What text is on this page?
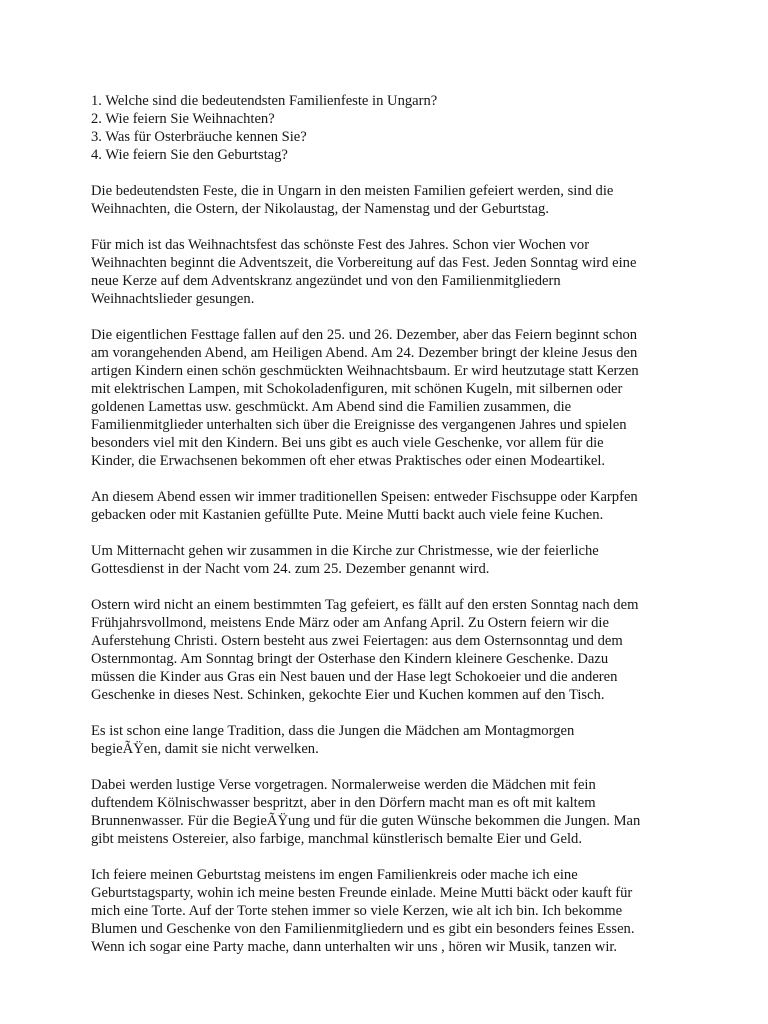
1. Welche sind die bedeutendsten Familienfeste in Ungarn?
2. Wie feiern Sie Weihnachten?
3. Was für Osterbräuche kennen Sie?
4. Wie feiern Sie den Geburtstag?
Die bedeutendsten Feste, die in Ungarn in den meisten Familien gefeiert werden, sind die
Weihnachten, die Ostern, der Nikolaustag, der Namenstag und der Geburtstag.
Für mich ist das Weihnachtsfest das schönste Fest des Jahres. Schon vier Wochen vor
Weihnachten beginnt die Adventszeit, die Vorbereitung auf das Fest. Jeden Sonntag wird eine
neue Kerze auf dem Adventskranz angezündet und von den Familienmitgliedern
Weihnachtslieder gesungen.
Die eigentlichen Festtage fallen auf den 25. und 26. Dezember, aber das Feiern beginnt schon
am vorangehenden Abend, am Heiligen Abend. Am 24. Dezember bringt der kleine Jesus den
artigen Kindern einen schön geschmückten Weihnachtsbaum. Er wird heutzutage statt Kerzen
mit elektrischen Lampen, mit Schokoladenfiguren, mit schönen Kugeln, mit silbernen oder
goldenen Lamettas usw. geschmückt. Am Abend sind die Familien zusammen, die
Familienmitglieder unterhalten sich über die Ereignisse des vergangenen Jahres und spielen
besonders viel mit den Kindern. Bei uns gibt es auch viele Geschenke, vor allem für die
Kinder, die Erwachsenen bekommen oft eher etwas Praktisches oder einen Modeartikel.
An diesem Abend essen wir immer traditionellen Speisen: entweder Fischsuppe oder Karpfen
gebacken oder mit Kastanien gefüllte Pute. Meine Mutti backt auch viele feine Kuchen.
Um Mitternacht gehen wir zusammen in die Kirche zur Christmesse, wie der feierliche
Gottesdienst in der Nacht vom 24. zum 25. Dezember genannt wird.
Ostern wird nicht an einem bestimmten Tag gefeiert, es fällt auf den ersten Sonntag nach dem
Frühjahrsvollmond, meistens Ende März oder am Anfang April. Zu Ostern feiern wir die
Auferstehung Christi. Ostern besteht aus zwei Feiertagen: aus dem Osternsonntag und dem
Osternmontag. Am Sonntag bringt der Osterhase den Kindern kleinere Geschenke. Dazu
müssen die Kinder aus Gras ein Nest bauen und der Hase legt Schokoeier und die anderen
Geschenke in dieses Nest. Schinken, gekochte Eier und Kuchen kommen auf den Tisch.
Es ist schon eine lange Tradition, dass die Jungen die Mädchen am Montagmorgen
begieÃŸen, damit sie nicht verwelken.
Dabei werden lustige Verse vorgetragen. Normalerweise werden die Mädchen mit fein
duftendem Kölnischwasser bespritzt, aber in den Dörfern macht man es oft mit kaltem
Brunnenwasser. Für die BegieÃŸung und für die guten Wünsche bekommen die Jungen. Man
gibt meistens Ostereier, also farbige, manchmal künstlerisch bemalte Eier und Geld.
Ich feiere meinen Geburtstag meistens im engen Familienkreis oder mache ich eine
Geburtstagsparty, wohin ich meine besten Freunde einlade. Meine Mutti bäckt oder kauft für
mich eine Torte. Auf der Torte stehen immer so viele Kerzen, wie alt ich bin. Ich bekomme
Blumen und Geschenke von den Familienmitgliedern und es gibt ein besonders feines Essen.
Wenn ich sogar eine Party mache, dann unterhalten wir uns , hören wir Musik, tanzen wir.
